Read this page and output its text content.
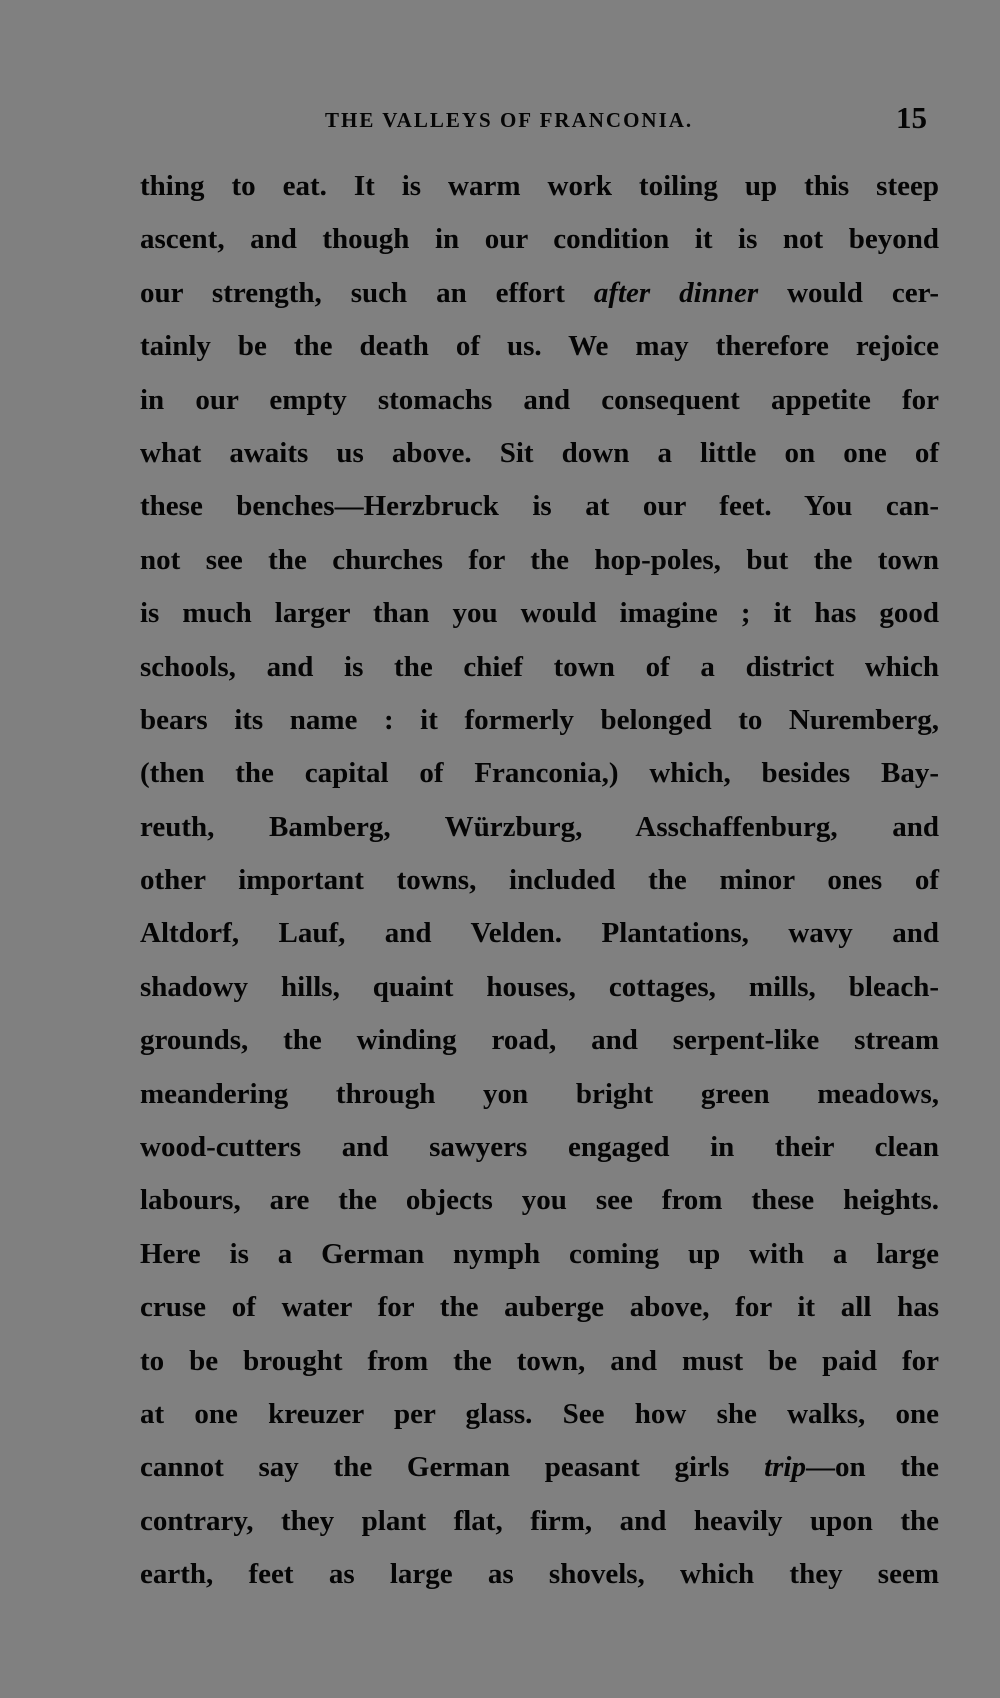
THE VALLEYS OF FRANCONIA.	15
thing to eat. It is warm work toiling up this steep
ascent, and though in our condition it is not beyond
our strength, such an effort after dinner would cer-
tainly be the death of us. We may therefore rejoice
in our empty stomachs and consequent appetite for
what awaits us above. Sit down a little on one of
these benches—Herzbruck is at our feet. You can-
not see the churches for the hop-poles, but the town
is much larger than you would imagine ; it has good
schools, and is the chief town of a district which
bears its name : it formerly belonged to Nuremberg,
(then the capital of Franconia,) which, besides Bay-
reuth, Bamberg, Würzburg, Asschaffenburg, and
other important towns, included the minor ones of
Altdorf, Lauf, and Velden. Plantations, wavy and
shadowy hills, quaint houses, cottages, mills, bleach-
grounds, the winding road, and serpent-like stream
meandering through yon bright green meadows,
wood-cutters and sawyers engaged in their clean
labours, are the objects you see from these heights.
Here is a German nymph coming up with a large
cruse of water for the auberge above, for it all has
to be brought from the town, and must be paid for
at one kreuzer per glass. See how she walks, one
cannot say the German peasant girls trip—on the
contrary, they plant flat, firm, and heavily upon the
earth, feet as large as shovels, which they seem
